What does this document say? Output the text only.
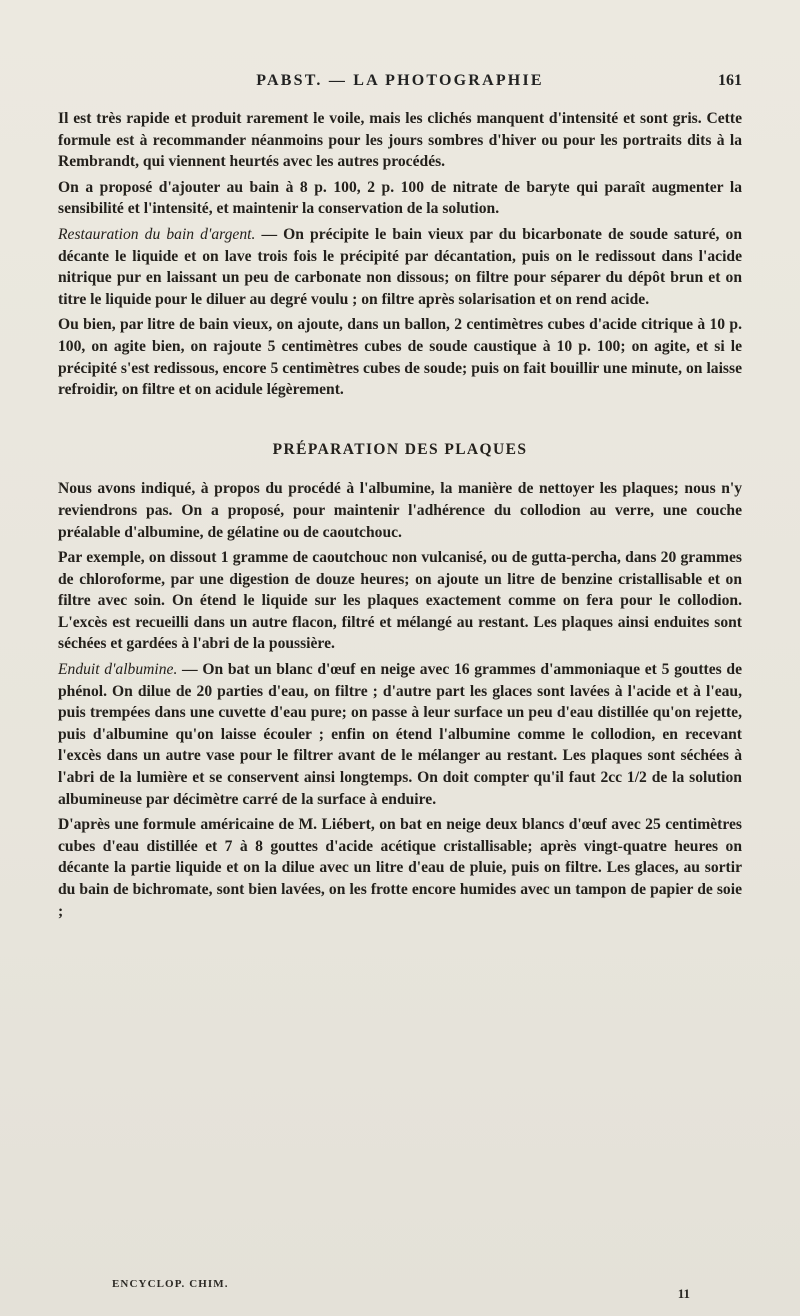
PABST. — LA PHOTOGRAPHIE	161

Il est très rapide et produit rarement le voile, mais les clichés manquent d'intensité et sont gris. Cette formule est à recommander néanmoins pour les jours sombres d'hiver ou pour les portraits dits à la Rembrandt, qui viennent heurtés avec les autres procédés.

On a proposé d'ajouter au bain à 8 p. 100, 2 p. 100 de nitrate de baryte qui paraît augmenter la sensibilité et l'intensité, et maintenir la conservation de la solution.

Restauration du bain d'argent. — On précipite le bain vieux par du bicarbonate de soude saturé, on décante le liquide et on lave trois fois le précipité par décantation, puis on le redissout dans l'acide nitrique pur en laissant un peu de carbonate non dissous; on filtre pour séparer du dépôt brun et on titre le liquide pour le diluer au degré voulu ; on filtre après solarisation et on rend acide.

Ou bien, par litre de bain vieux, on ajoute, dans un ballon, 2 centimètres cubes d'acide citrique à 10 p. 100, on agite bien, on rajoute 5 centimètres cubes de soude caustique à 10 p. 100; on agite, et si le précipité s'est redissous, encore 5 centimètres cubes de soude; puis on fait bouillir une minute, on laisse refroidir, on filtre et on acidule légèrement.

PRÉPARATION DES PLAQUES

Nous avons indiqué, à propos du procédé à l'albumine, la manière de nettoyer les plaques; nous n'y reviendrons pas. On a proposé, pour maintenir l'adhérence du collodion au verre, une couche préalable d'albumine, de gélatine ou de caoutchouc.

Par exemple, on dissout 1 gramme de caoutchouc non vulcanisé, ou de gutta-percha, dans 20 grammes de chloroforme, par une digestion de douze heures; on ajoute un litre de benzine cristallisable et on filtre avec soin. On étend le liquide sur les plaques exactement comme on fera pour le collodion. L'excès est recueilli dans un autre flacon, filtré et mélangé au restant. Les plaques ainsi enduites sont séchées et gardées à l'abri de la poussière.

Enduit d'albumine. — On bat un blanc d'œuf en neige avec 16 grammes d'ammoniaque et 5 gouttes de phénol. On dilue de 20 parties d'eau, on filtre ; d'autre part les glaces sont lavées à l'acide et à l'eau, puis trempées dans une cuvette d'eau pure; on passe à leur surface un peu d'eau distillée qu'on rejette, puis d'albumine qu'on laisse écouler ; enfin on étend l'albumine comme le collodion, en recevant l'excès dans un autre vase pour le filtrer avant de le mélanger au restant. Les plaques sont séchées à l'abri de la lumière et se conservent ainsi longtemps. On doit compter qu'il faut 2cc 1/2 de la solution albumineuse par décimètre carré de la surface à enduire.

D'après une formule américaine de M. Liébert, on bat en neige deux blancs d'œuf avec 25 centimètres cubes d'eau distillée et 7 à 8 gouttes d'acide acétique cristallisable; après vingt-quatre heures on décante la partie liquide et on la dilue avec un litre d'eau de pluie, puis on filtre. Les glaces, au sortir du bain de bichromate, sont bien lavées, on les frotte encore humides avec un tampon de papier de soie ;

ENCYCLOP. CHIM.
11
